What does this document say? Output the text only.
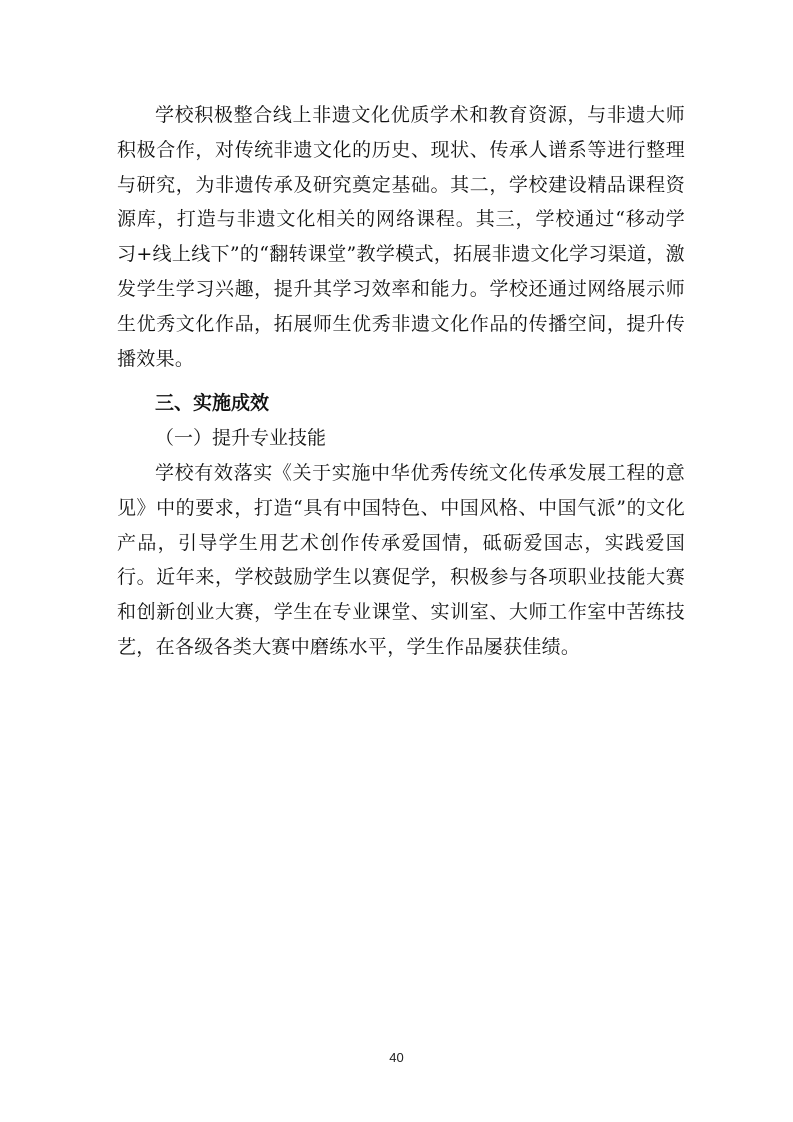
学校积极整合线上非遗文化优质学术和教育资源，与非遗大师积极合作，对传统非遗文化的历史、现状、传承人谱系等进行整理与研究，为非遗传承及研究奠定基础。其二，学校建设精品课程资源库，打造与非遗文化相关的网络课程。其三，学校通过“移动学习+线上线下”的“翻转课堂”教学模式，拓展非遗文化学习渠道，激发学生学习兴趣，提升其学习效率和能力。学校还通过网络展示师生优秀文化作品，拓展师生优秀非遗文化作品的传播空间，提升传播效果。

三、实施成效

（一）提升专业技能

学校有效落实《关于实施中华优秀传统文化传承发展工程的意见》中的要求，打造“具有中国特色、中国风格、中国气派”的文化产品，引导学生用艺术创作传承爱国情，砥砺爱国志，实践爱国行。近年来，学校鼓励学生以赛促学，积极参与各项职业技能大赛和创新创业大赛，学生在专业课堂、实训室、大师工作室中苦练技艺，在各级各类大赛中磨练水平，学生作品屡获佳绩。

40
